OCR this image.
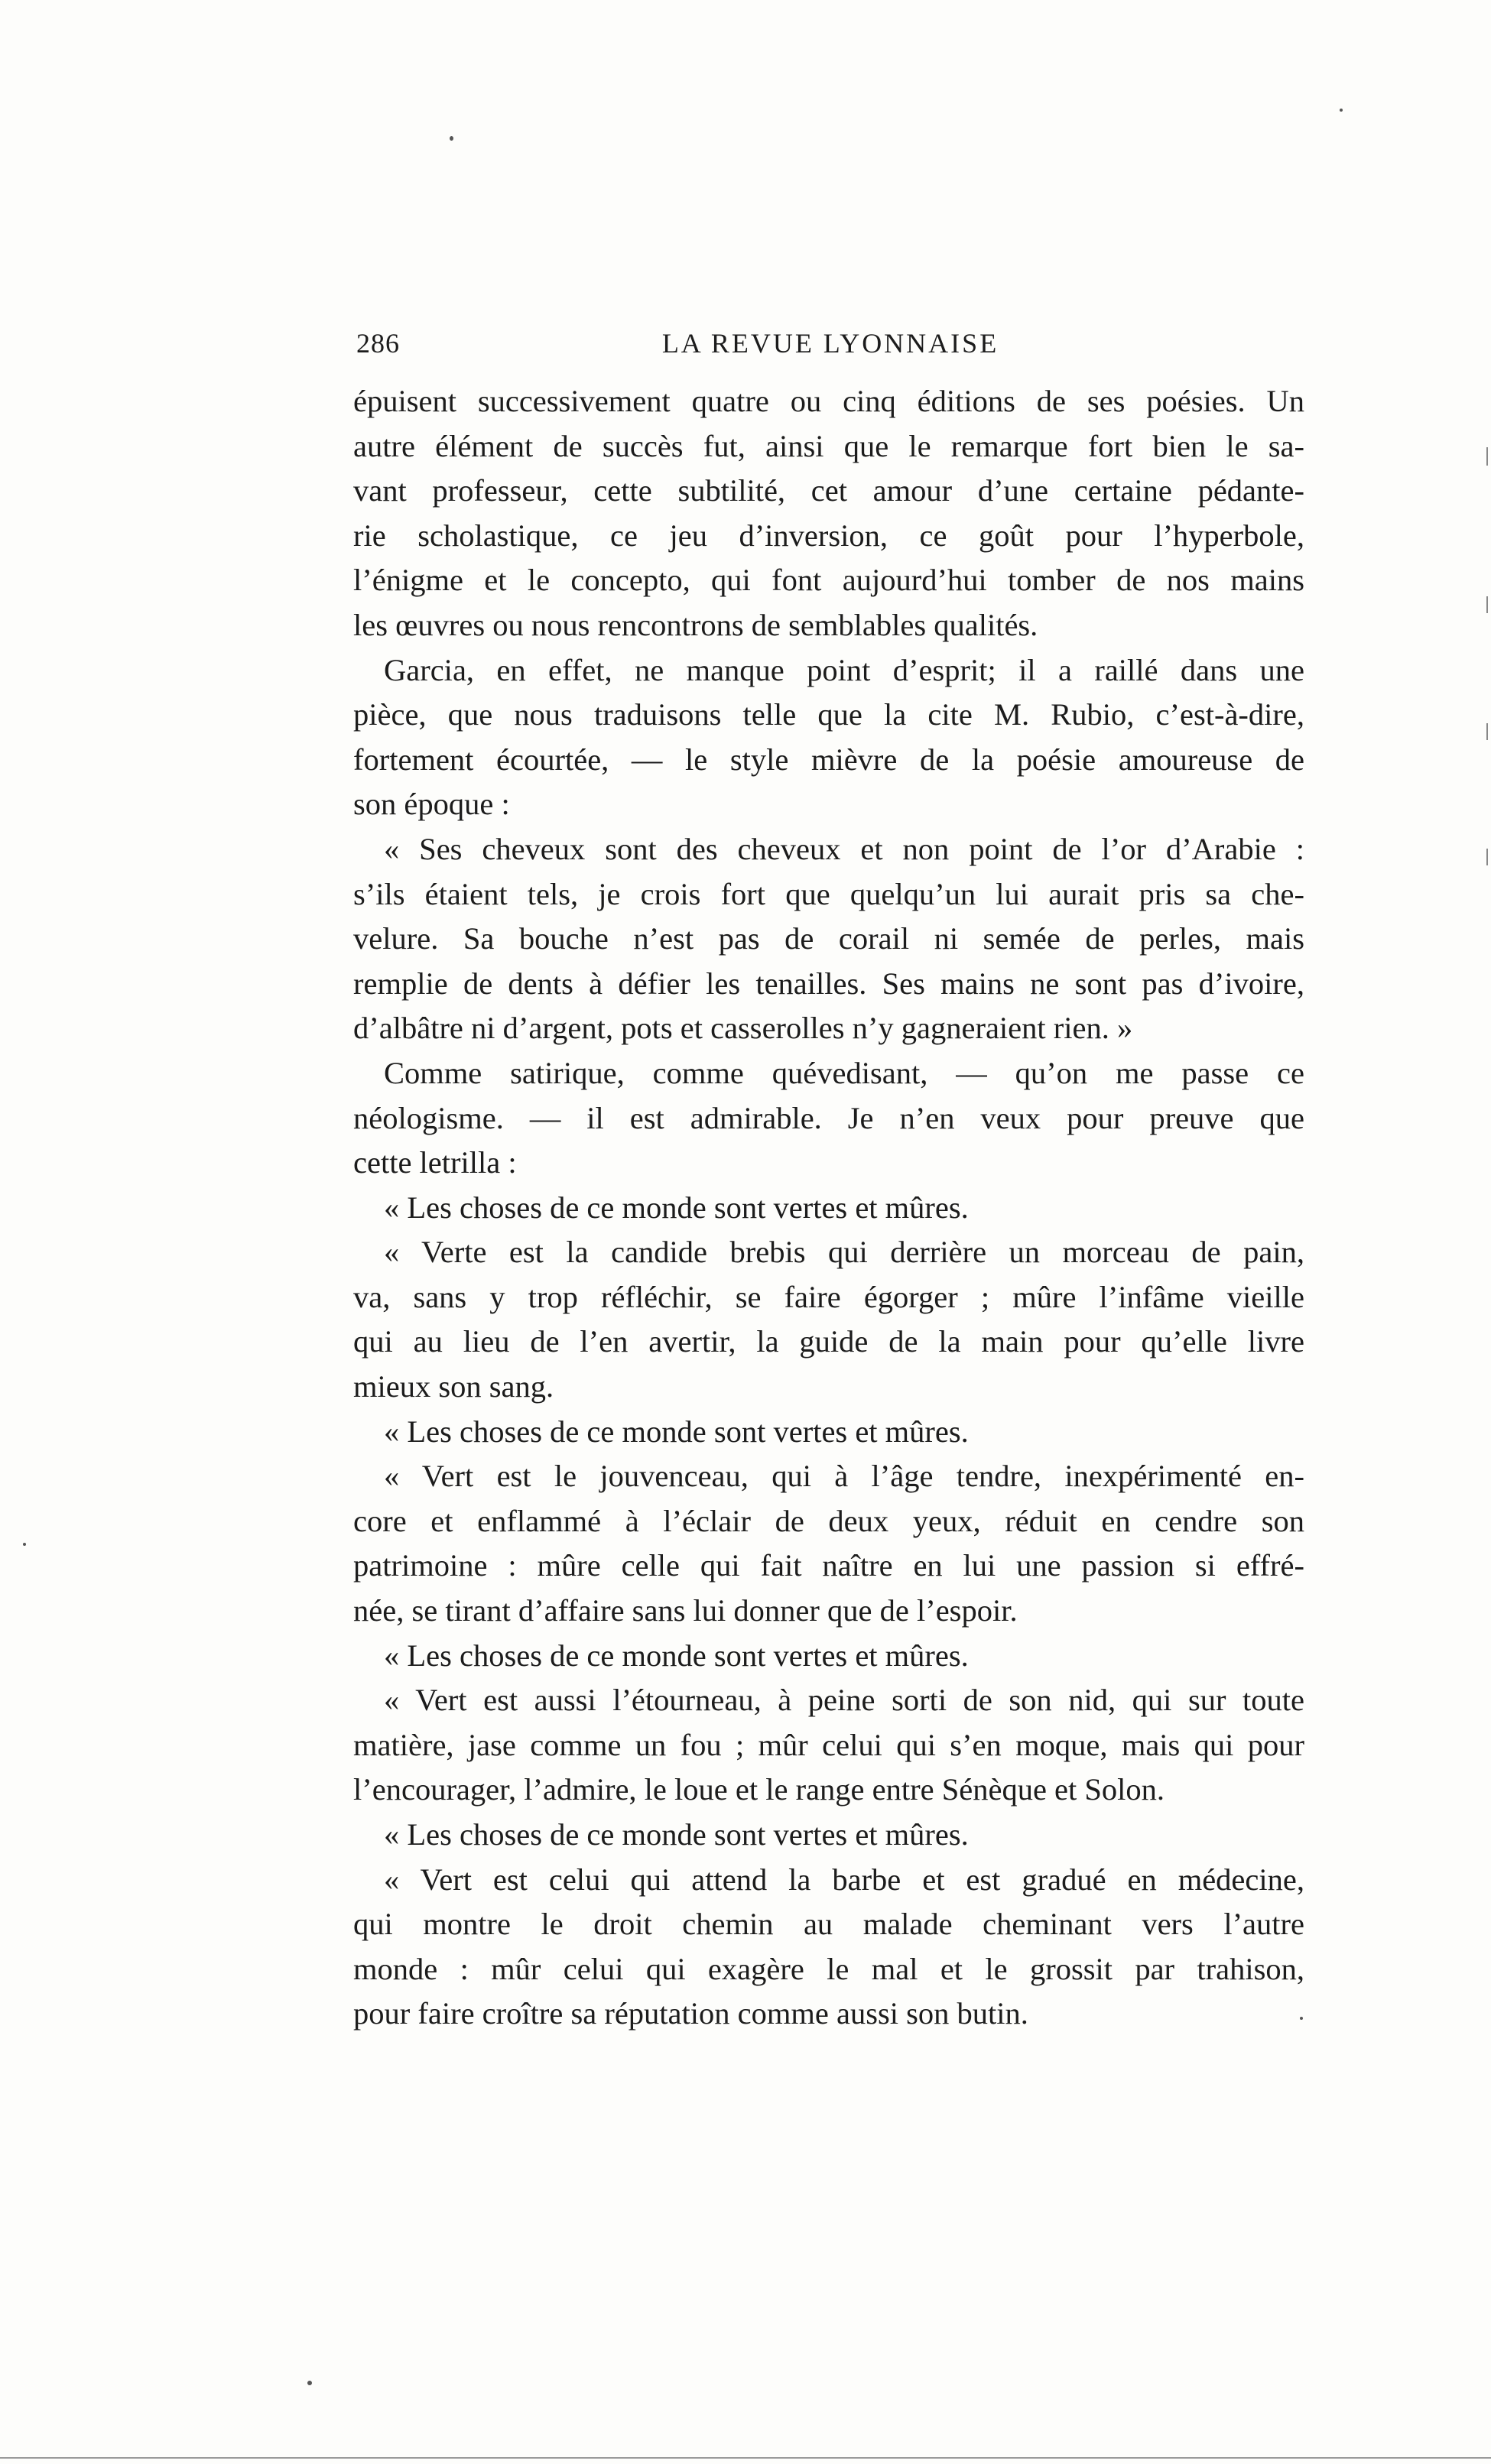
286	LA REVUE LYONNAISE
épuisent successivement quatre ou cinq éditions de ses poésies. Un
autre élément de succès fut, ainsi que le remarque fort bien le sa-
vant professeur, cette subtilité, cet amour d’une certaine pédante-
rie scholastique, ce jeu d’inversion, ce goût pour l’hyperbole,
l’énigme et le concepto, qui font aujourd’hui tomber de nos mains
les œuvres ou nous rencontrons de semblables qualités.
Garcia, en effet, ne manque point d’esprit; il a raillé dans une
pièce, que nous traduisons telle que la cite M. Rubio, c’est-à-dire,
fortement écourtée, — le style mièvre de la poésie amoureuse de
son époque :
« Ses cheveux sont des cheveux et non point de l’or d’Arabie :
s’ils étaient tels, je crois fort que quelqu’un lui aurait pris sa che-
velure. Sa bouche n’est pas de corail ni semée de perles, mais
remplie de dents à défier les tenailles. Ses mains ne sont pas d’ivoire,
d’albâtre ni d’argent, pots et casserolles n’y gagneraient rien. »
Comme satirique, comme quévedisant, — qu’on me passe ce
néologisme. — il est admirable. Je n’en veux pour preuve que
cette letrilla :
« Les choses de ce monde sont vertes et mûres.
« Verte est la candide brebis qui derrière un morceau de pain,
va, sans y trop réfléchir, se faire égorger ; mûre l’infâme vieille
qui au lieu de l’en avertir, la guide de la main pour qu’elle livre
mieux son sang.
« Les choses de ce monde sont vertes et mûres.
« Vert est le jouvenceau, qui à l’âge tendre, inexpérimenté en-
core et enflammé à l’éclair de deux yeux, réduit en cendre son
patrimoine : mûre celle qui fait naître en lui une passion si effré-
née, se tirant d’affaire sans lui donner que de l’espoir.
« Les choses de ce monde sont vertes et mûres.
« Vert est aussi l’étourneau, à peine sorti de son nid, qui sur toute
matière, jase comme un fou ; mûr celui qui s’en moque, mais qui pour
l’encourager, l’admire, le loue et le range entre Sénèque et Solon.
« Les choses de ce monde sont vertes et mûres.
« Vert est celui qui attend la barbe et est gradué en médecine,
qui montre le droit chemin au malade cheminant vers l’autre
monde : mûr celui qui exagère le mal et le grossit par trahison,
pour faire croître sa réputation comme aussi son butin.
